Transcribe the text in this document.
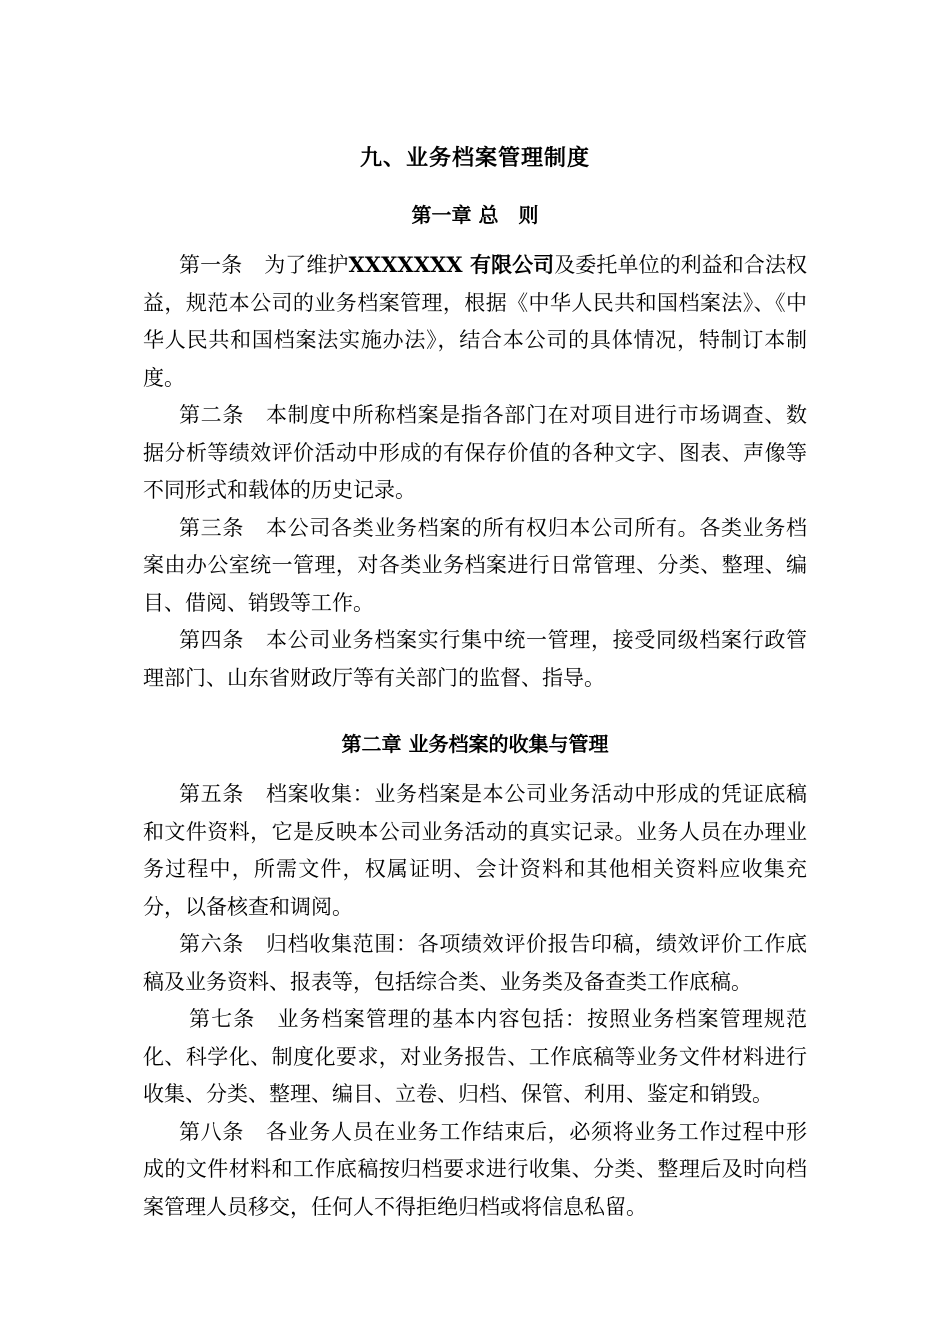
九、业务档案管理制度
第一章 总　则

第一条 为了维护XXXXXXX 有限公司及委托单位的利益和合法权益，规范本公司的业务档案管理，根据《中华人民共和国档案法》、《中华人民共和国档案法实施办法》，结合本公司的具体情况，特制订本制度。

第二条 本制度中所称档案是指各部门在对项目进行市场调查、数据分析等绩效评价活动中形成的有保存价值的各种文字、图表、声像等不同形式和载体的历史记录。

第三条 本公司各类业务档案的所有权归本公司所有。各类业务档案由办公室统一管理，对各类业务档案进行日常管理、分类、整理、编目、借阅、销毁等工作。

第四条 本公司业务档案实行集中统一管理，接受同级档案行政管理部门、山东省财政厅等有关部门的监督、指导。

第二章 业务档案的收集与管理

第五条 档案收集：业务档案是本公司业务活动中形成的凭证底稿和文件资料，它是反映本公司业务活动的真实记录。业务人员在办理业务过程中，所需文件，权属证明、会计资料和其他相关资料应收集充分，以备核查和调阅。

第六条 归档收集范围：各项绩效评价报告印稿，绩效评价工作底稿及业务资料、报表等，包括综合类、业务类及备查类工作底稿。

第七条 业务档案管理的基本内容包括：按照业务档案管理规范化、科学化、制度化要求，对业务报告、工作底稿等业务文件材料进行收集、分类、整理、编目、立卷、归档、保管、利用、鉴定和销毁。

第八条 各业务人员在业务工作结束后，必须将业务工作过程中形成的文件材料和工作底稿按归档要求进行收集、分类、整理后及时向档案管理人员移交，任何人不得拒绝归档或将信息私留。
